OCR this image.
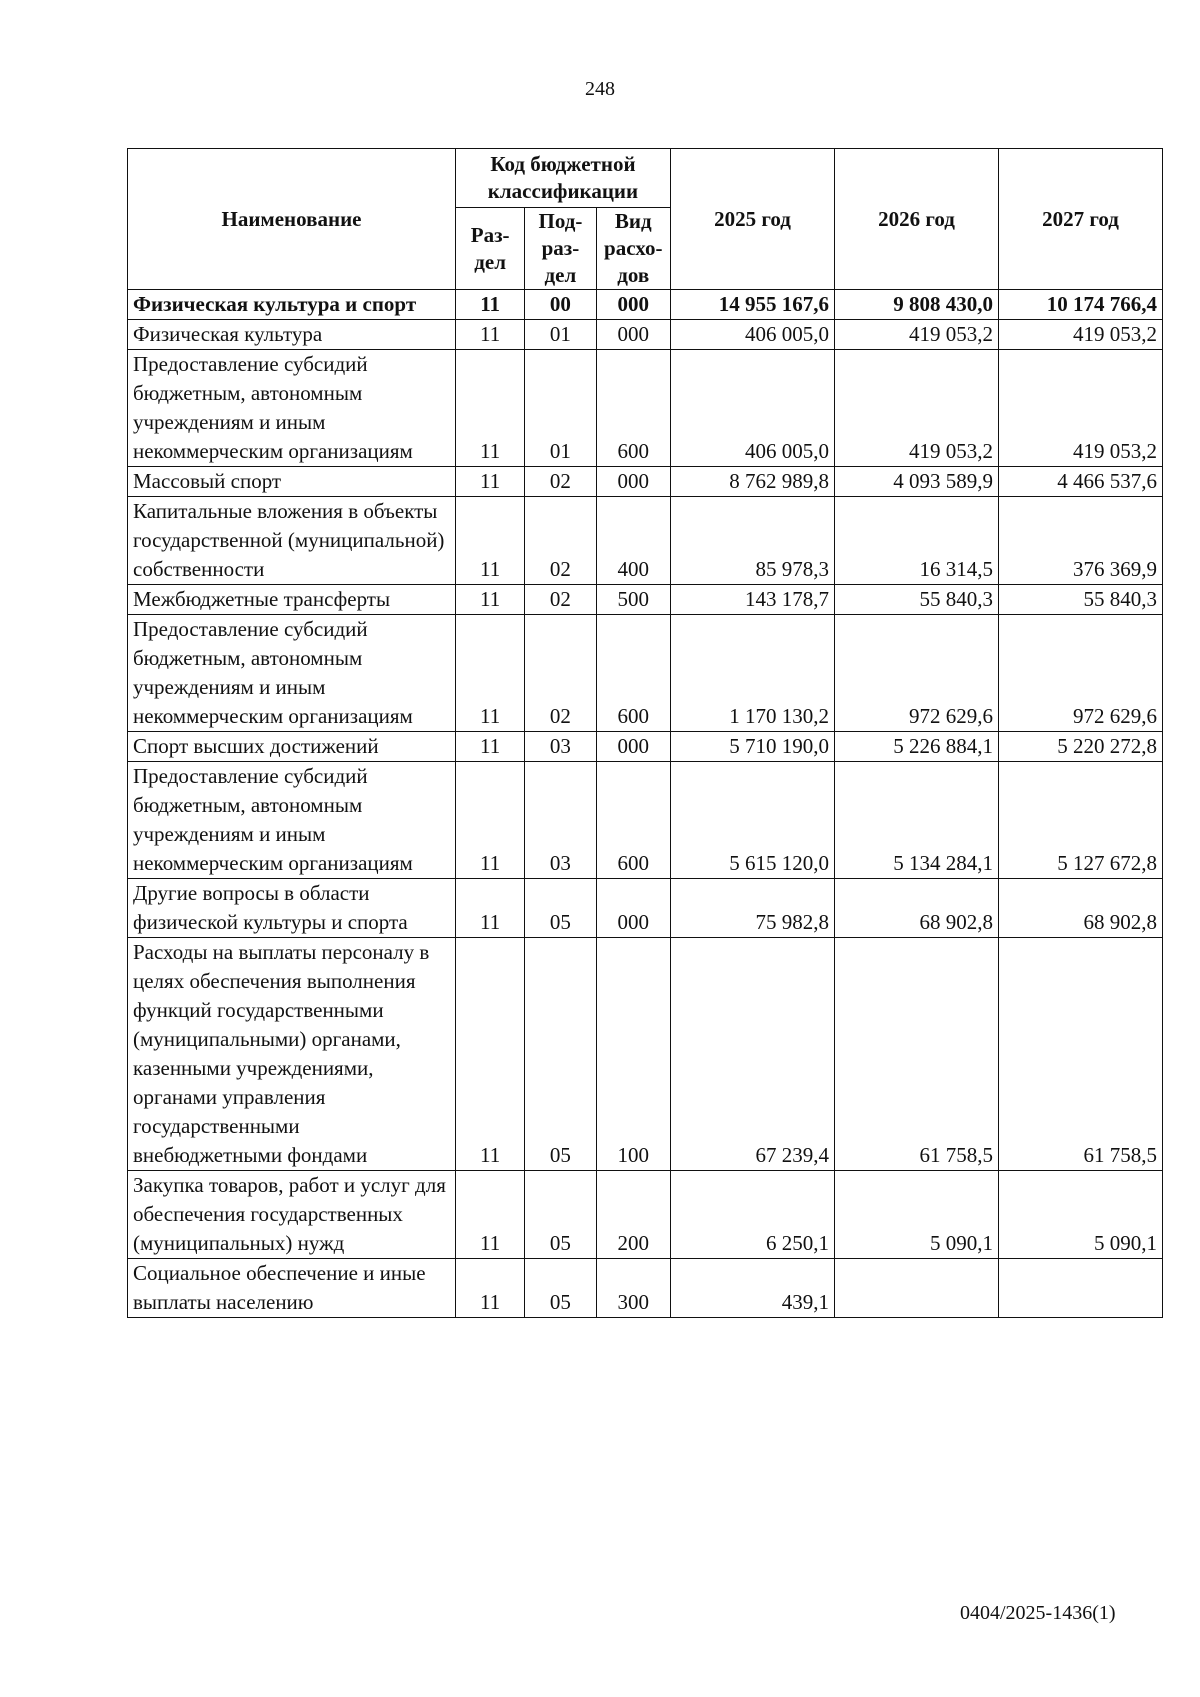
248
Наименование	Код бюджетной классификации			2025 год	2026 год	2027 год
	Раз-дел	Под-раз-дел	Вид расхо-дов			
Физическая культура и спорт	11	00	000	14 955 167,6	9 808 430,0	10 174 766,4
Физическая культура	11	01	000	406 005,0	419 053,2	419 053,2
Предоставление субсидий бюджетным, автономным учреждениям и иным некоммерческим организациям	11	01	600	406 005,0	419 053,2	419 053,2
Массовый спорт	11	02	000	8 762 989,8	4 093 589,9	4 466 537,6
Капитальные вложения в объекты государственной (муниципальной) собственности	11	02	400	85 978,3	16 314,5	376 369,9
Межбюджетные трансферты	11	02	500	143 178,7	55 840,3	55 840,3
Предоставление субсидий бюджетным, автономным учреждениям и иным некоммерческим организациям	11	02	600	1 170 130,2	972 629,6	972 629,6
Спорт высших достижений	11	03	000	5 710 190,0	5 226 884,1	5 220 272,8
Предоставление субсидий бюджетным, автономным учреждениям и иным некоммерческим организациям	11	03	600	5 615 120,0	5 134 284,1	5 127 672,8
Другие вопросы в области физической культуры и спорта	11	05	000	75 982,8	68 902,8	68 902,8
Расходы на выплаты персоналу в целях обеспечения выполнения функций государственными (муниципальными) органами, казенными учреждениями, органами управления государственными внебюджетными фондами	11	05	100	67 239,4	61 758,5	61 758,5
Закупка товаров, работ и услуг для обеспечения государственных (муниципальных) нужд	11	05	200	6 250,1	5 090,1	5 090,1
Социальное обеспечение и иные выплаты населению	11	05	300	439,1		
0404/2025-1436(1)
